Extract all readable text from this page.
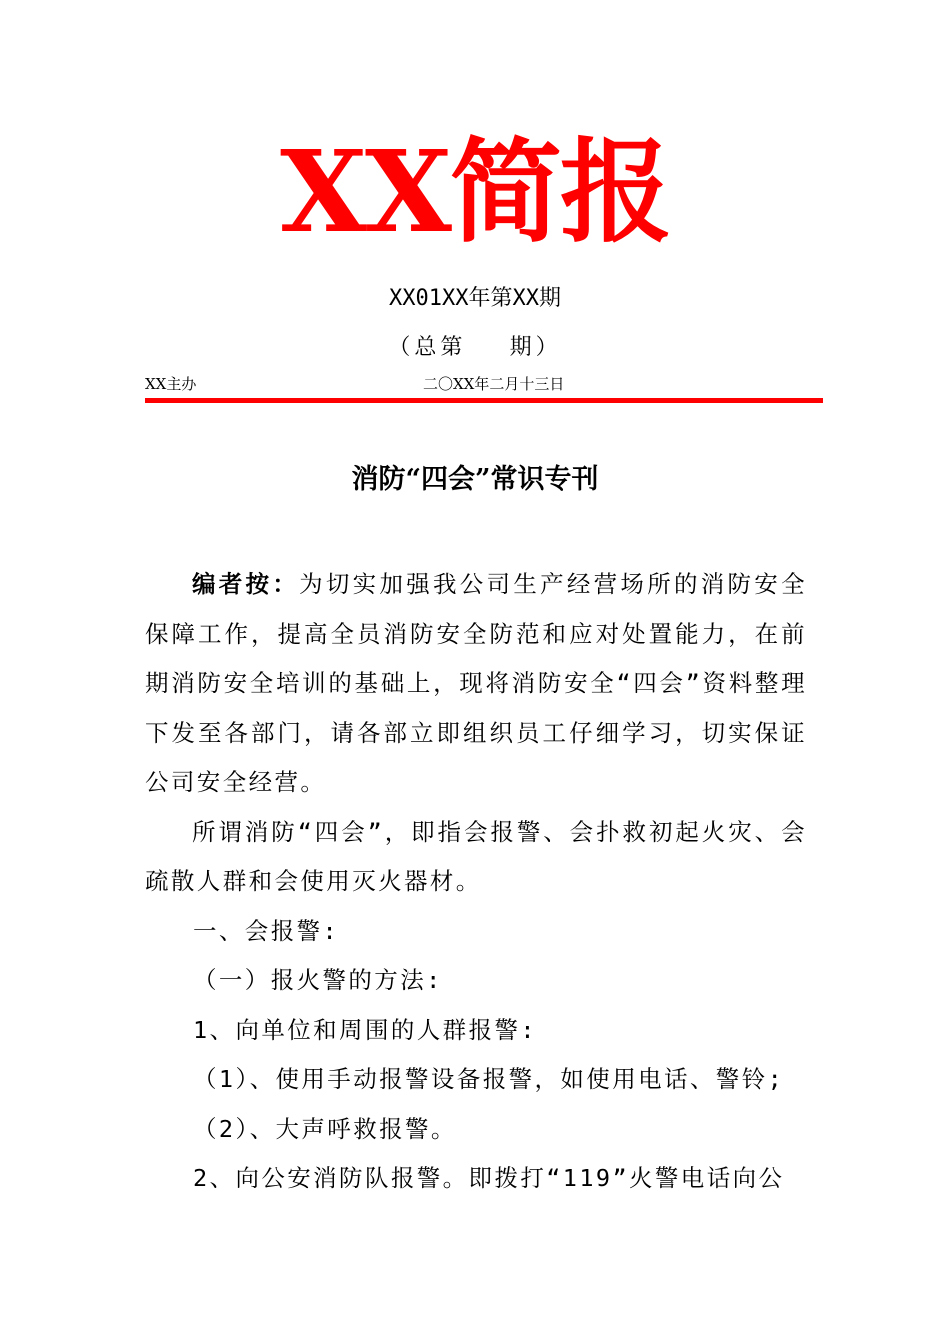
XX简报
XX01XX年第XX期
（总第　 期）
XX主办	二〇XX年二月十三日
消防“四会”常识专刊

编者按：为切实加强我公司生产经营场所的消防安全保障工作，提高全员消防安全防范和应对处置能力，在前期消防安全培训的基础上，现将消防安全“四会”资料整理下发至各部门，请各部立即组织员工仔细学习，切实保证公司安全经营。

所谓消防“四会”，即指会报警、会扑救初起火灾、会疏散人群和会使用灭火器材。

一、会报警:

（一）报火警的方法:

1、向单位和周围的人群报警:

（1）、使用手动报警设备报警，如使用电话、警铃;

（2）、大声呼救报警。

2、向公安消防队报警。即拨打“119”火警电话向公
